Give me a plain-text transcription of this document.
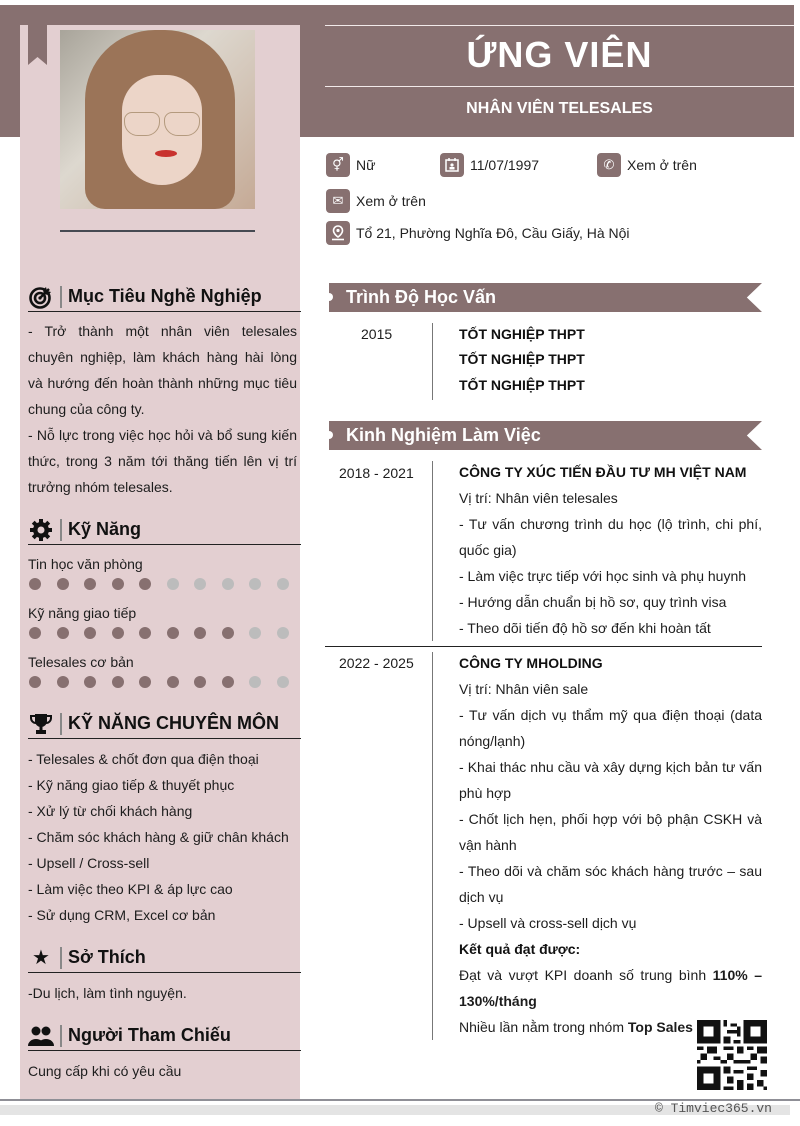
ỨNG VIÊN
NHÂN VIÊN TELESALES
⚥ Nữ	11/07/1997	✆ Xem ở trên
✉ Xem ở trên
Tổ 21, Phường Nghĩa Đô, Cầu Giấy, Hà Nội
Mục Tiêu Nghề Nghiệp
- Trở thành một nhân viên telesales chuyên nghiệp, làm khách hàng hài lòng và hướng đến hoàn thành những mục tiêu chung của công ty.
- Nỗ lực trong việc học hỏi và bổ sung kiến thức, trong 3 năm tới thăng tiến lên vị trí trưởng nhóm telesales.
Kỹ Năng
Tin học văn phòng
Kỹ năng giao tiếp
Telesales cơ bản
KỸ NĂNG CHUYÊN MÔN
- Telesales & chốt đơn qua điện thoại
- Kỹ năng giao tiếp & thuyết phục
- Xử lý từ chối khách hàng
- Chăm sóc khách hàng & giữ chân khách
- Upsell / Cross-sell
- Làm việc theo KPI & áp lực cao
- Sử dụng CRM, Excel cơ bản
★ Sở Thích
-Du lịch, làm tình nguyện.
Người Tham Chiếu
Cung cấp khi có yêu cầu
Trình Độ Học Vấn
2015	TỐT NGHIỆP THPT
TỐT NGHIỆP THPT
TỐT NGHIỆP THPT
Kinh Nghiệm Làm Việc
2018 - 2021	CÔNG TY XÚC TIẾN ĐẦU TƯ MH VIỆT NAM
Vị trí: Nhân viên telesales
- Tư vấn chương trình du học (lộ trình, chi phí, quốc gia)
- Làm việc trực tiếp với học sinh và phụ huynh
- Hướng dẫn chuẩn bị hồ sơ, quy trình visa
- Theo dõi tiến độ hồ sơ đến khi hoàn tất
2022 - 2025	CÔNG TY MHOLDING
Vị trí: Nhân viên sale
- Tư vấn dịch vụ thẩm mỹ qua điện thoại (data nóng/lạnh)
- Khai thác nhu cầu và xây dựng kịch bản tư vấn phù hợp
- Chốt lịch hẹn, phối hợp với bộ phận CSKH và vận hành
- Theo dõi và chăm sóc khách hàng trước – sau dịch vụ
- Upsell và cross-sell dịch vụ
Kết quả đạt được:
Đạt và vượt KPI doanh số trung bình 110% – 130%/tháng
Nhiều lần nằm trong nhóm Top Sales
© Timviec365.vn
